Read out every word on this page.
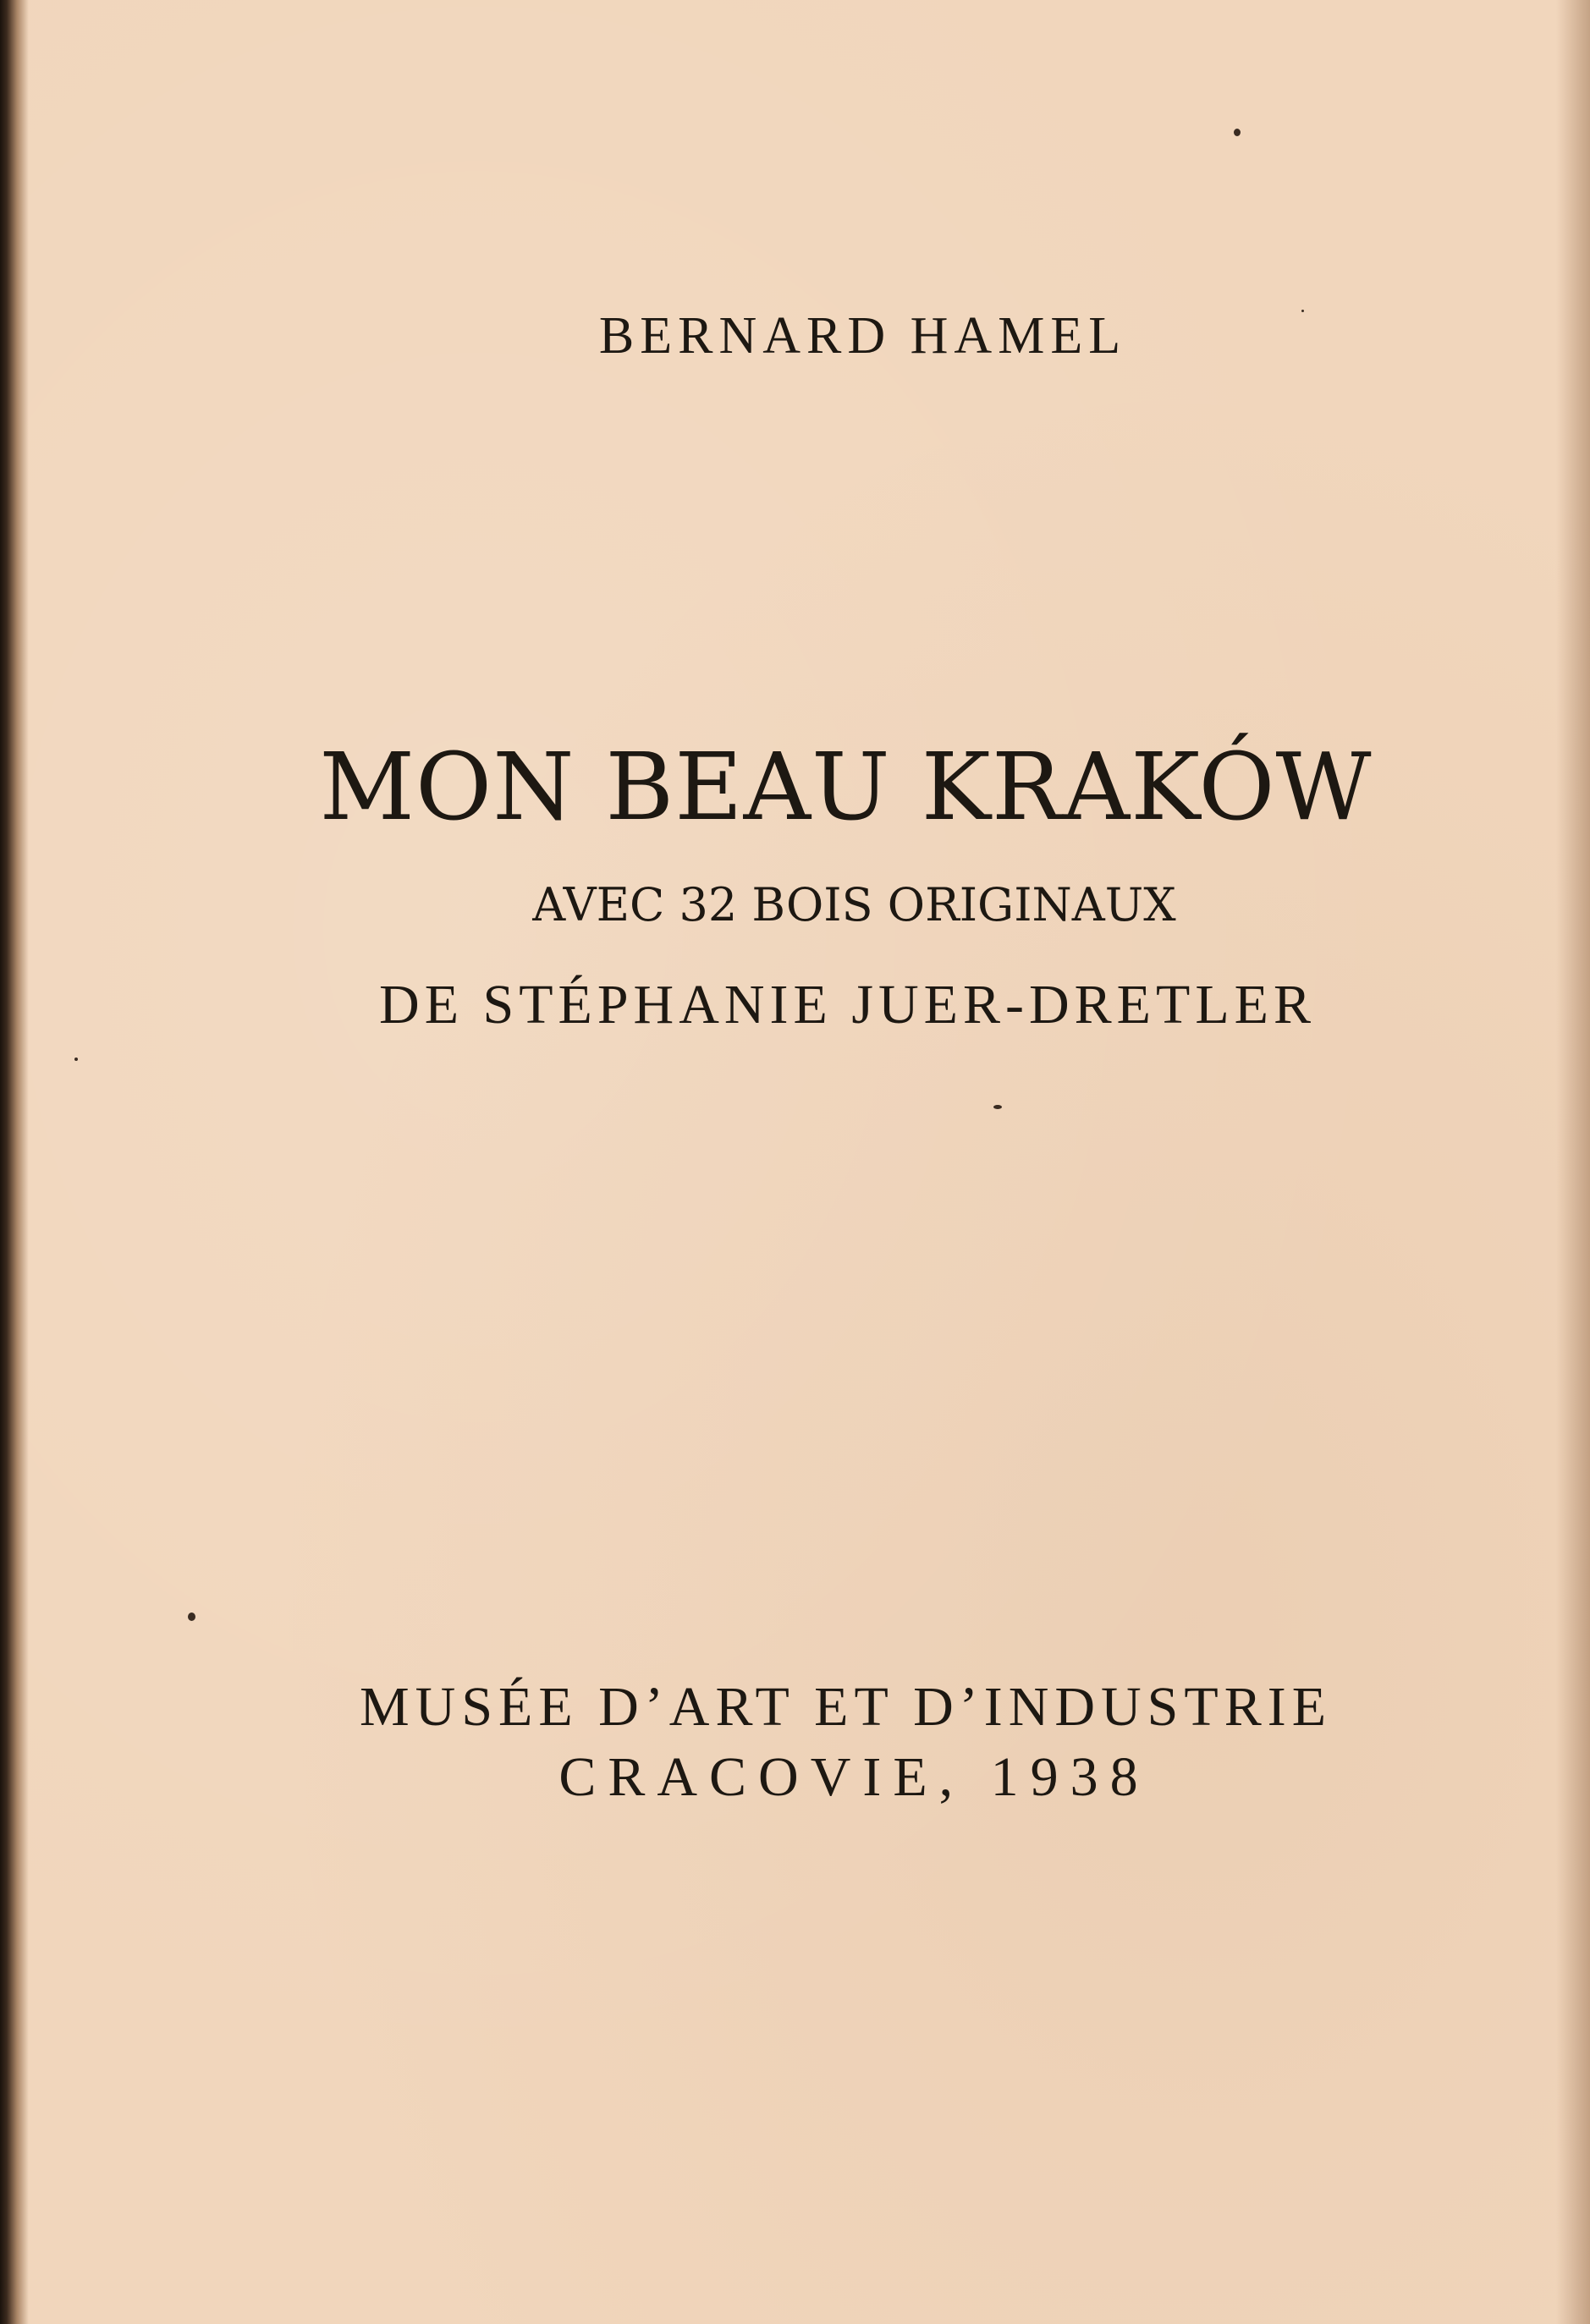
BERNARD HAMEL

MON BEAU KRAKÓW

AVEC 32 BOIS ORIGINAUX

DE STÉPHANIE JUER-DRETLER

MUSÉE D’ART ET D’INDUSTRIE

CRACOVIE, 1938
